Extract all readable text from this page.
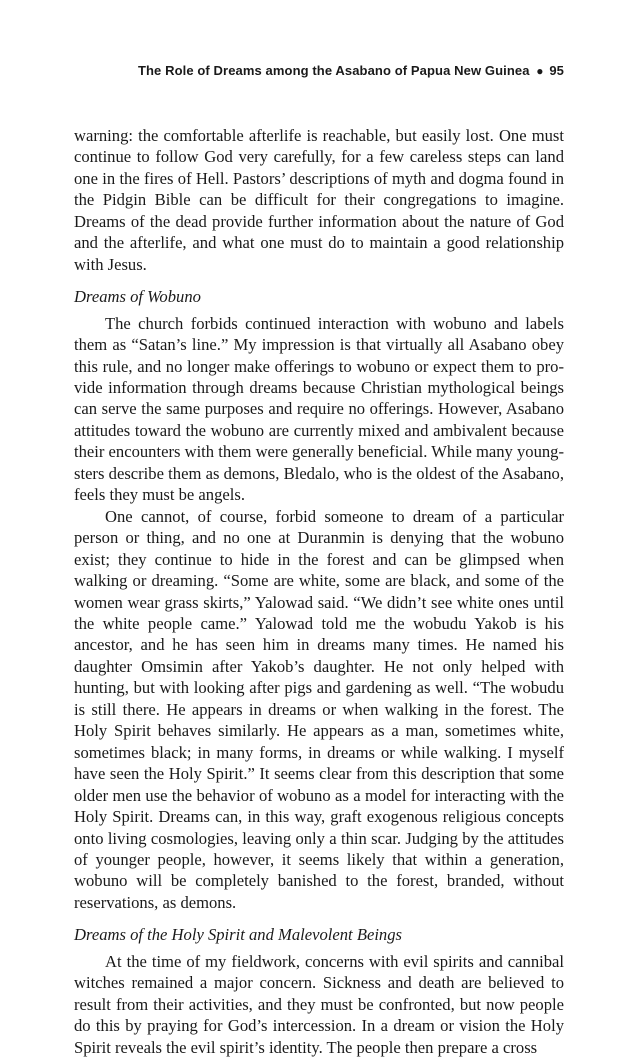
The Role of Dreams among the Asabano of Papua New Guinea ● 95

warning: the comfortable afterlife is reachable, but easily lost. One must continue to follow God very carefully, for a few careless steps can land one in the fires of Hell. Pastors’ descriptions of myth and dogma found in the Pidgin Bible can be difficult for their congregations to imagine. Dreams of the dead provide further information about the nature of God and the afterlife, and what one must do to maintain a good relationship with Jesus.

Dreams of Wobuno

The church forbids continued interaction with wobuno and labels them as “Satan’s line.” My impression is that virtually all Asabano obey this rule, and no longer make offerings to wobuno or expect them to provide information through dreams because Christian mythological beings can serve the same purposes and require no offerings. However, Asabano attitudes toward the wobuno are currently mixed and ambivalent because their encounters with them were generally beneficial. While many youngsters describe them as demons, Bledalo, who is the oldest of the Asabano, feels they must be angels.

One cannot, of course, forbid someone to dream of a particular person or thing, and no one at Duranmin is denying that the wobuno exist; they continue to hide in the forest and can be glimpsed when walking or dreaming. “Some are white, some are black, and some of the women wear grass skirts,” Yalowad said. “We didn’t see white ones until the white people came.” Yalowad told me the wobudu Yakob is his ancestor, and he has seen him in dreams many times. He named his daughter Omsimin after Yakob’s daughter. He not only helped with hunting, but with looking after pigs and gardening as well. “The wobudu is still there. He appears in dreams or when walking in the forest. The Holy Spirit behaves similarly. He appears as a man, sometimes white, sometimes black; in many forms, in dreams or while walking. I myself have seen the Holy Spirit.” It seems clear from this description that some older men use the behavior of wobuno as a model for interacting with the Holy Spirit. Dreams can, in this way, graft exogenous religious concepts onto living cosmologies, leaving only a thin scar. Judging by the attitudes of younger people, however, it seems likely that within a generation, wobuno will be completely banished to the forest, branded, without reservations, as demons.

Dreams of the Holy Spirit and Malevolent Beings

At the time of my fieldwork, concerns with evil spirits and cannibal witches remained a major concern. Sickness and death are believed to result from their activities, and they must be confronted, but now people do this by praying for God’s intercession. In a dream or vision the Holy Spirit reveals the evil spirit’s identity. The people then prepare a cross
